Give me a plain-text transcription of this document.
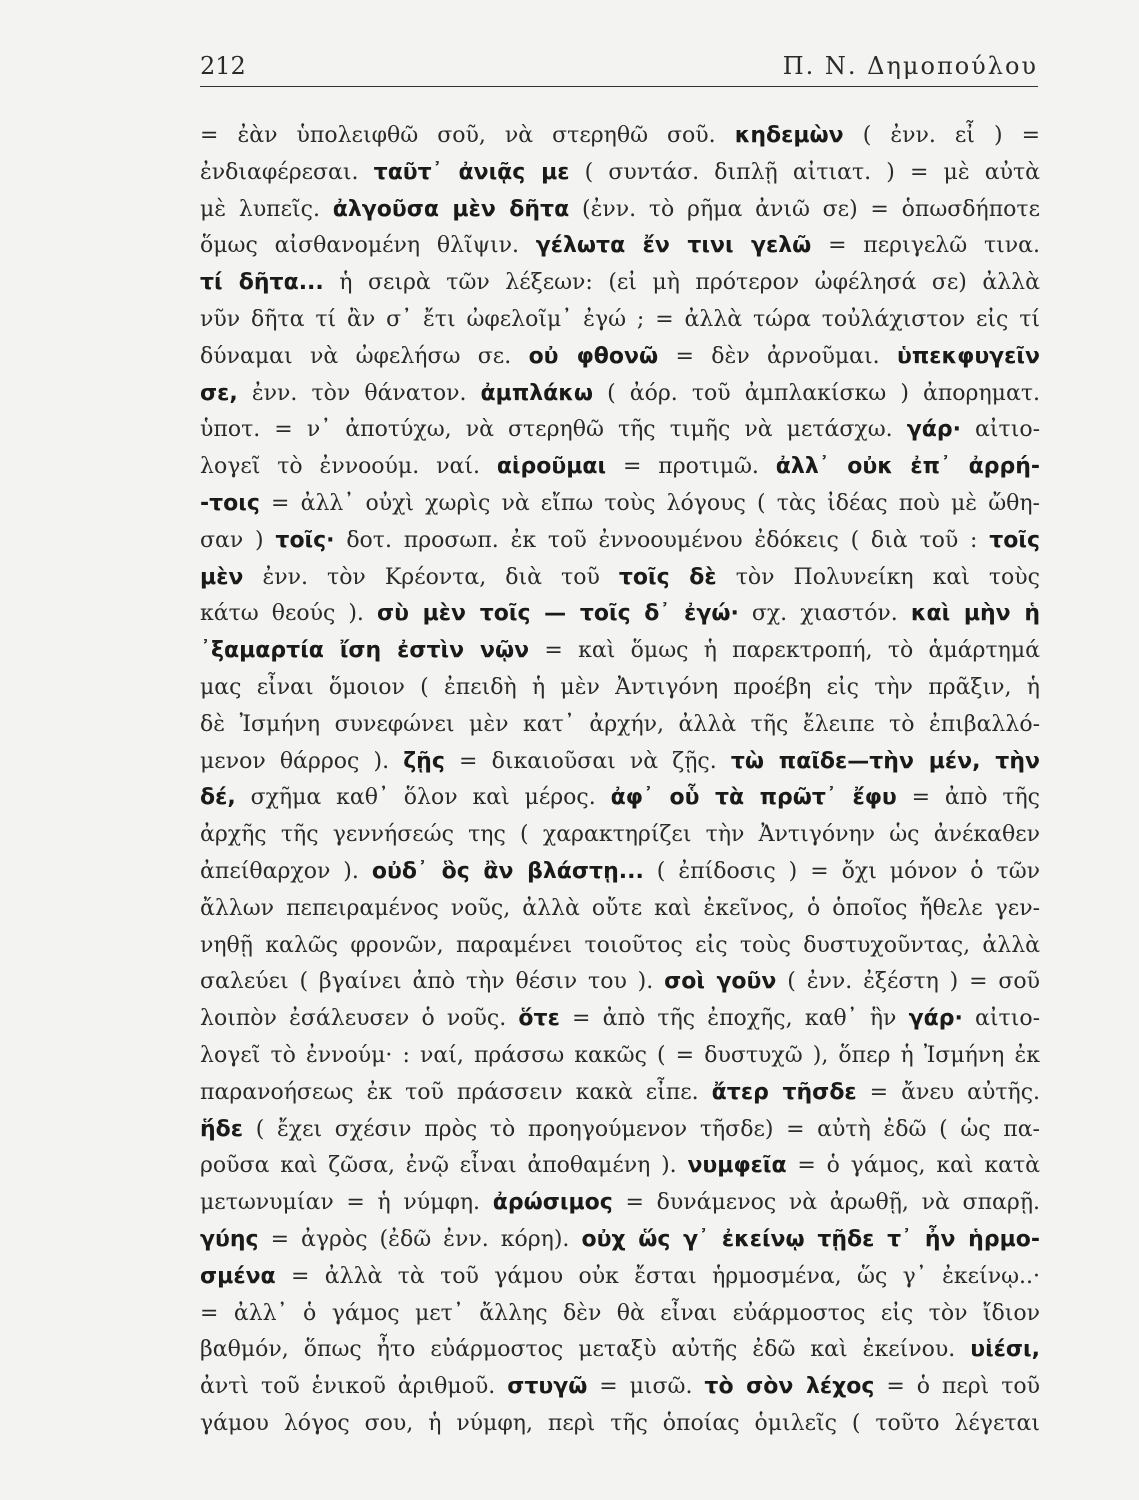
212	Π. Ν. Δημοπούλου
= ἐὰν ὑπολειφθῶ σοῦ, νὰ στερηθῶ σοῦ. κηδεμὼν ( ἐνν. εἶ ) =
ἐνδιαφέρεσαι. ταῦτ᾽ ἀνιᾷς με ( συντάσ. διπλῇ αἰτιατ. ) = μὲ αὐτὰ
μὲ λυπεῖς. ἀλγοῦσα μὲν δῆτα (ἐνν. τὸ ρῆμα ἀνιῶ σε) = ὁπωσδήποτε
ὅμως αἰσθανομένη θλῖψιν. γέλωτα ἔν τινι γελῶ = περιγελῶ τινα.
τί δῆτα... ἡ σειρὰ τῶν λέξεων: (εἰ μὴ πρότερον ὠφέλησά σε) ἀλλὰ
νῦν δῆτα τί ἂν σ᾽ ἔτι ὠφελοῖμ᾽ ἐγώ ; = ἀλλὰ τώρα τοὐλάχιστον εἰς τί
δύναμαι νὰ ὠφελήσω σε. οὐ φθονῶ = δὲν ἀρνοῦμαι. ὑπεκφυγεῖν
σε, ἐνν. τὸν θάνατον. ἀμπλάκω ( ἀόρ. τοῦ ἀμπλακίσκω ) ἀπορηματ.
ὑποτ. = ν᾽ ἀποτύχω, νὰ στερηθῶ τῆς τιμῆς νὰ μετάσχω. γάρ· αἰτιο-
λογεῖ τὸ ἐννοούμ. ναί. αἱροῦμαι = προτιμῶ. ἀλλ᾽ οὐκ ἐπ᾽ ἀρρή-
-τοις = ἀλλ᾽ οὐχὶ χωρὶς νὰ εἴπω τοὺς λόγους ( τὰς ἰδέας ποὺ μὲ ὤθη-
σαν ) τοῖς· δοτ. προσωπ. ἐκ τοῦ ἐννοουμένου ἐδόκεις ( διὰ τοῦ : τοῖς
μὲν ἐνν. τὸν Κρέοντα, διὰ τοῦ τοῖς δὲ τὸν Πολυνείκη καὶ τοὺς
κάτω θεούς ). σὺ μὲν τοῖς — τοῖς δ᾽ ἐγώ· σχ. χιαστόν. καὶ μὴν ἡ
᾽ξαμαρτία ἴση ἐστὶν νῷν = καὶ ὅμως ἡ παρεκτροπή, τὸ ἁμάρτημά
μας εἶναι ὅμοιον ( ἐπειδὴ ἡ μὲν Ἀντιγόνη προέβη εἰς τὴν πρᾶξιν, ἡ
δὲ Ἰσμήνη συνεφώνει μὲν κατ᾽ ἀρχήν, ἀλλὰ τῆς ἔλειπε τὸ ἐπιβαλλό-
μενον θάρρος ). ζῇς = δικαιοῦσαι νὰ ζῇς. τὼ παῖδε—τὴν μέν, τὴν
δέ, σχῆμα καθ᾽ ὅλον καὶ μέρος. ἀφ᾽ οὗ τὰ πρῶτ᾽ ἔφυ = ἀπὸ τῆς
ἀρχῆς τῆς γεννήσεώς της ( χαρακτηρίζει τὴν Ἀντιγόνην ὡς ἀνέκαθεν
ἀπείθαρχον ). οὐδ᾽ ὃς ἂν βλάστῃ... ( ἐπίδοσις ) = ὄχι μόνον ὁ τῶν
ἄλλων πεπειραμένος νοῦς, ἀλλὰ οὔτε καὶ ἐκεῖνος, ὁ ὁποῖος ἤθελε γεν-
νηθῇ καλῶς φρονῶν, παραμένει τοιοῦτος εἰς τοὺς δυστυχοῦντας, ἀλλὰ
σαλεύει ( βγαίνει ἀπὸ τὴν θέσιν του ). σοὶ γοῦν ( ἐνν. ἐξέστη ) = σοῦ
λοιπὸν ἐσάλευσεν ὁ νοῦς. ὅτε = ἀπὸ τῆς ἐποχῆς, καθ᾽ ἣν γάρ· αἰτιο-
λογεῖ τὸ ἐννούμ· : ναί, πράσσω κακῶς ( = δυστυχῶ ), ὅπερ ἡ Ἰσμήνη ἐκ
παρανοήσεως ἐκ τοῦ πράσσειν κακὰ εἶπε. ἄτερ τῆσδε = ἄνευ αὐτῆς.
ἥδε ( ἔχει σχέσιν πρὸς τὸ προηγούμενον τῆσδε) = αὐτὴ ἐδῶ ( ὡς πα-
ροῦσα καὶ ζῶσα, ἐνῷ εἶναι ἀποθαμένη ). νυμφεῖα = ὁ γάμος, καὶ κατὰ
μετωνυμίαν = ἡ νύμφη. ἀρώσιμος = δυνάμενος νὰ ἀρωθῇ, νὰ σπαρῇ.
γύης = ἀγρὸς (ἐδῶ ἐνν. κόρη). οὐχ ὥς γ᾽ ἐκείνῳ τῇδε τ᾽ ἦν ἡρμο-
σμένα = ἀλλὰ τὰ τοῦ γάμου οὐκ ἔσται ἡρμοσμένα, ὥς γ᾽ ἐκείνῳ..·
= ἀλλ᾽ ὁ γάμος μετ᾽ ἄλλης δὲν θὰ εἶναι εὐάρμοστος εἰς τὸν ἴδιον
βαθμόν, ὅπως ἦτο εὐάρμοστος μεταξὺ αὐτῆς ἐδῶ καὶ ἐκείνου. υἱέσι,
ἀντὶ τοῦ ἑνικοῦ ἀριθμοῦ. στυγῶ = μισῶ. τὸ σὸν λέχος = ὁ περὶ τοῦ
γάμου λόγος σου, ἡ νύμφη, περὶ τῆς ὁποίας ὁμιλεῖς ( τοῦτο λέγεται
